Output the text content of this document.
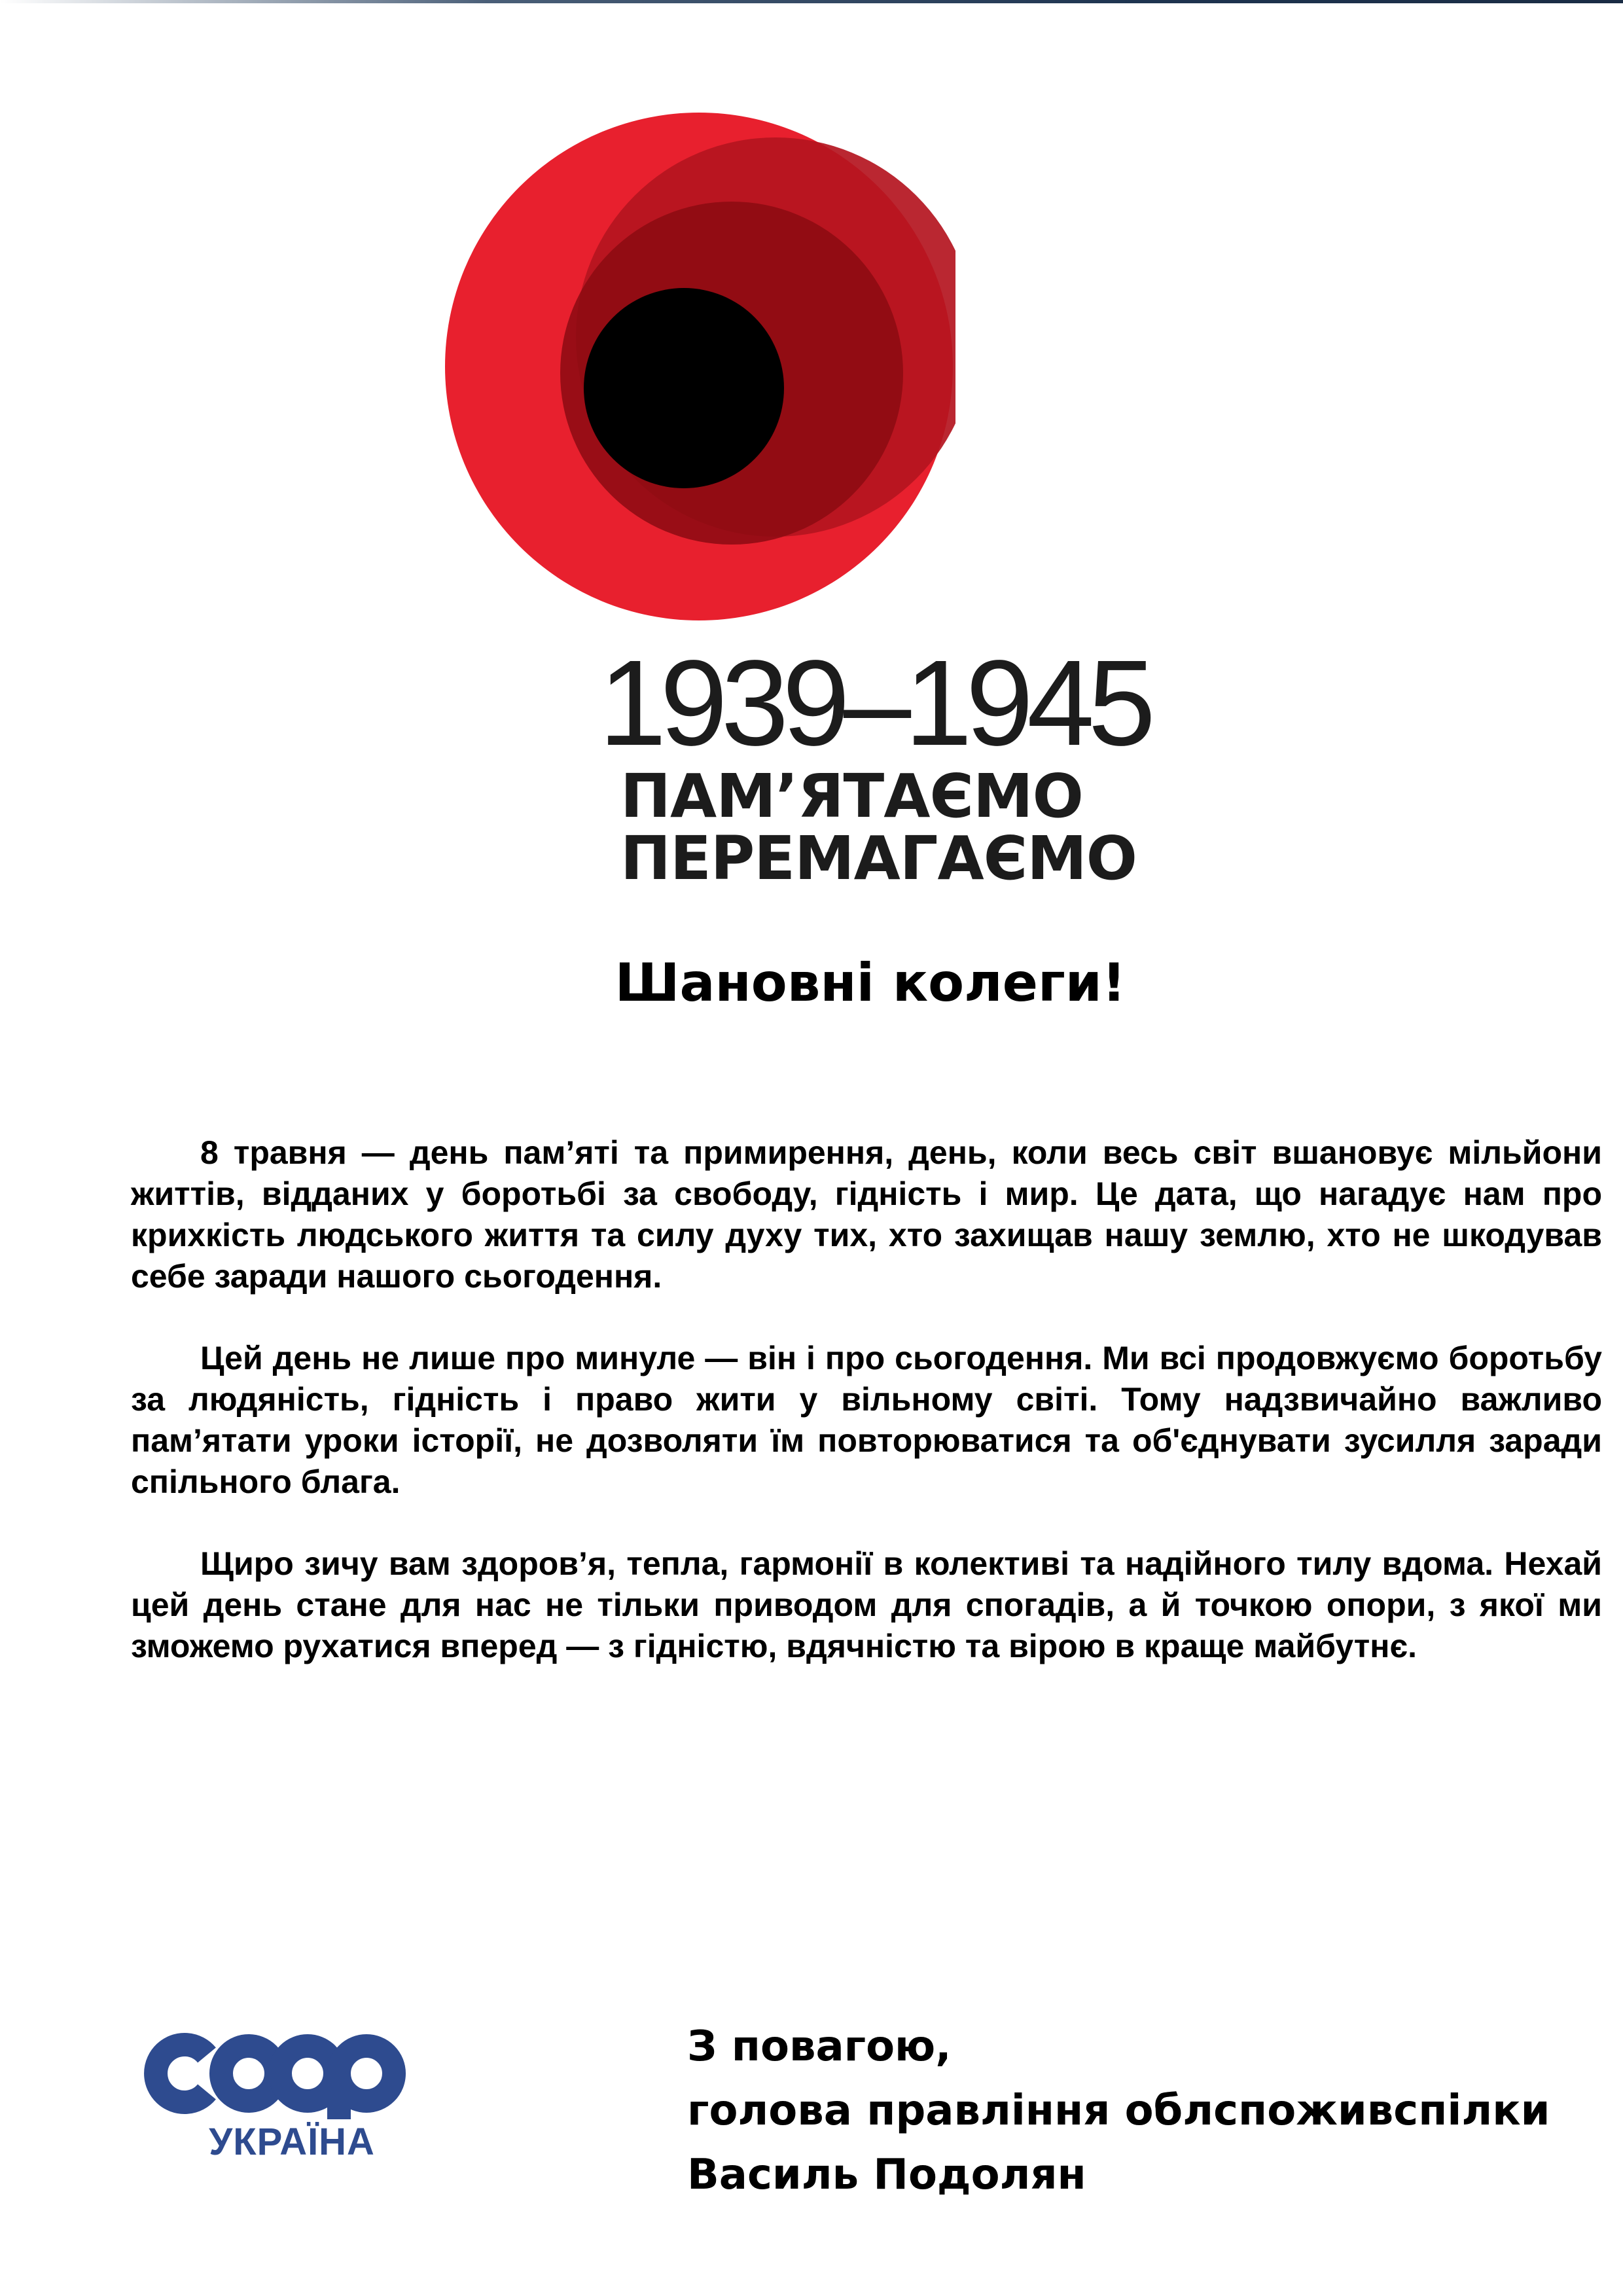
1939–1945
ПАМ’ЯТАЄМО
ПЕРЕМАГАЄМО
Шановні колеги!

8 травня — день пам’яті та примирення, день, коли весь світ вшановує мільйони життів, відданих у боротьбі за свободу, гідність і мир. Це дата, що нагадує нам про крихкість людського життя та силу духу тих, хто захищав нашу землю, хто не шкодував себе заради нашого сьогодення.

Цей день не лише про минуле — він і про сьогодення. Ми всі продовжуємо боротьбу за людяність, гідність і право жити у вільному світі. Тому надзвичайно важливо пам’ятати уроки історії, не дозволяти їм повторюватися та об'єднувати зусилля заради спільного блага.

Щиро зичу вам здоров’я, тепла, гармонії в колективі та надійного тилу вдома. Нехай цей день стане для нас не тільки приводом для спогадів, а й точкою опори, з якої ми зможемо рухатися вперед — з гідністю, вдячністю та вірою в краще майбутнє.

УКРАЇНА
З повагою,
голова правління облспоживспілки
Василь Подолян
